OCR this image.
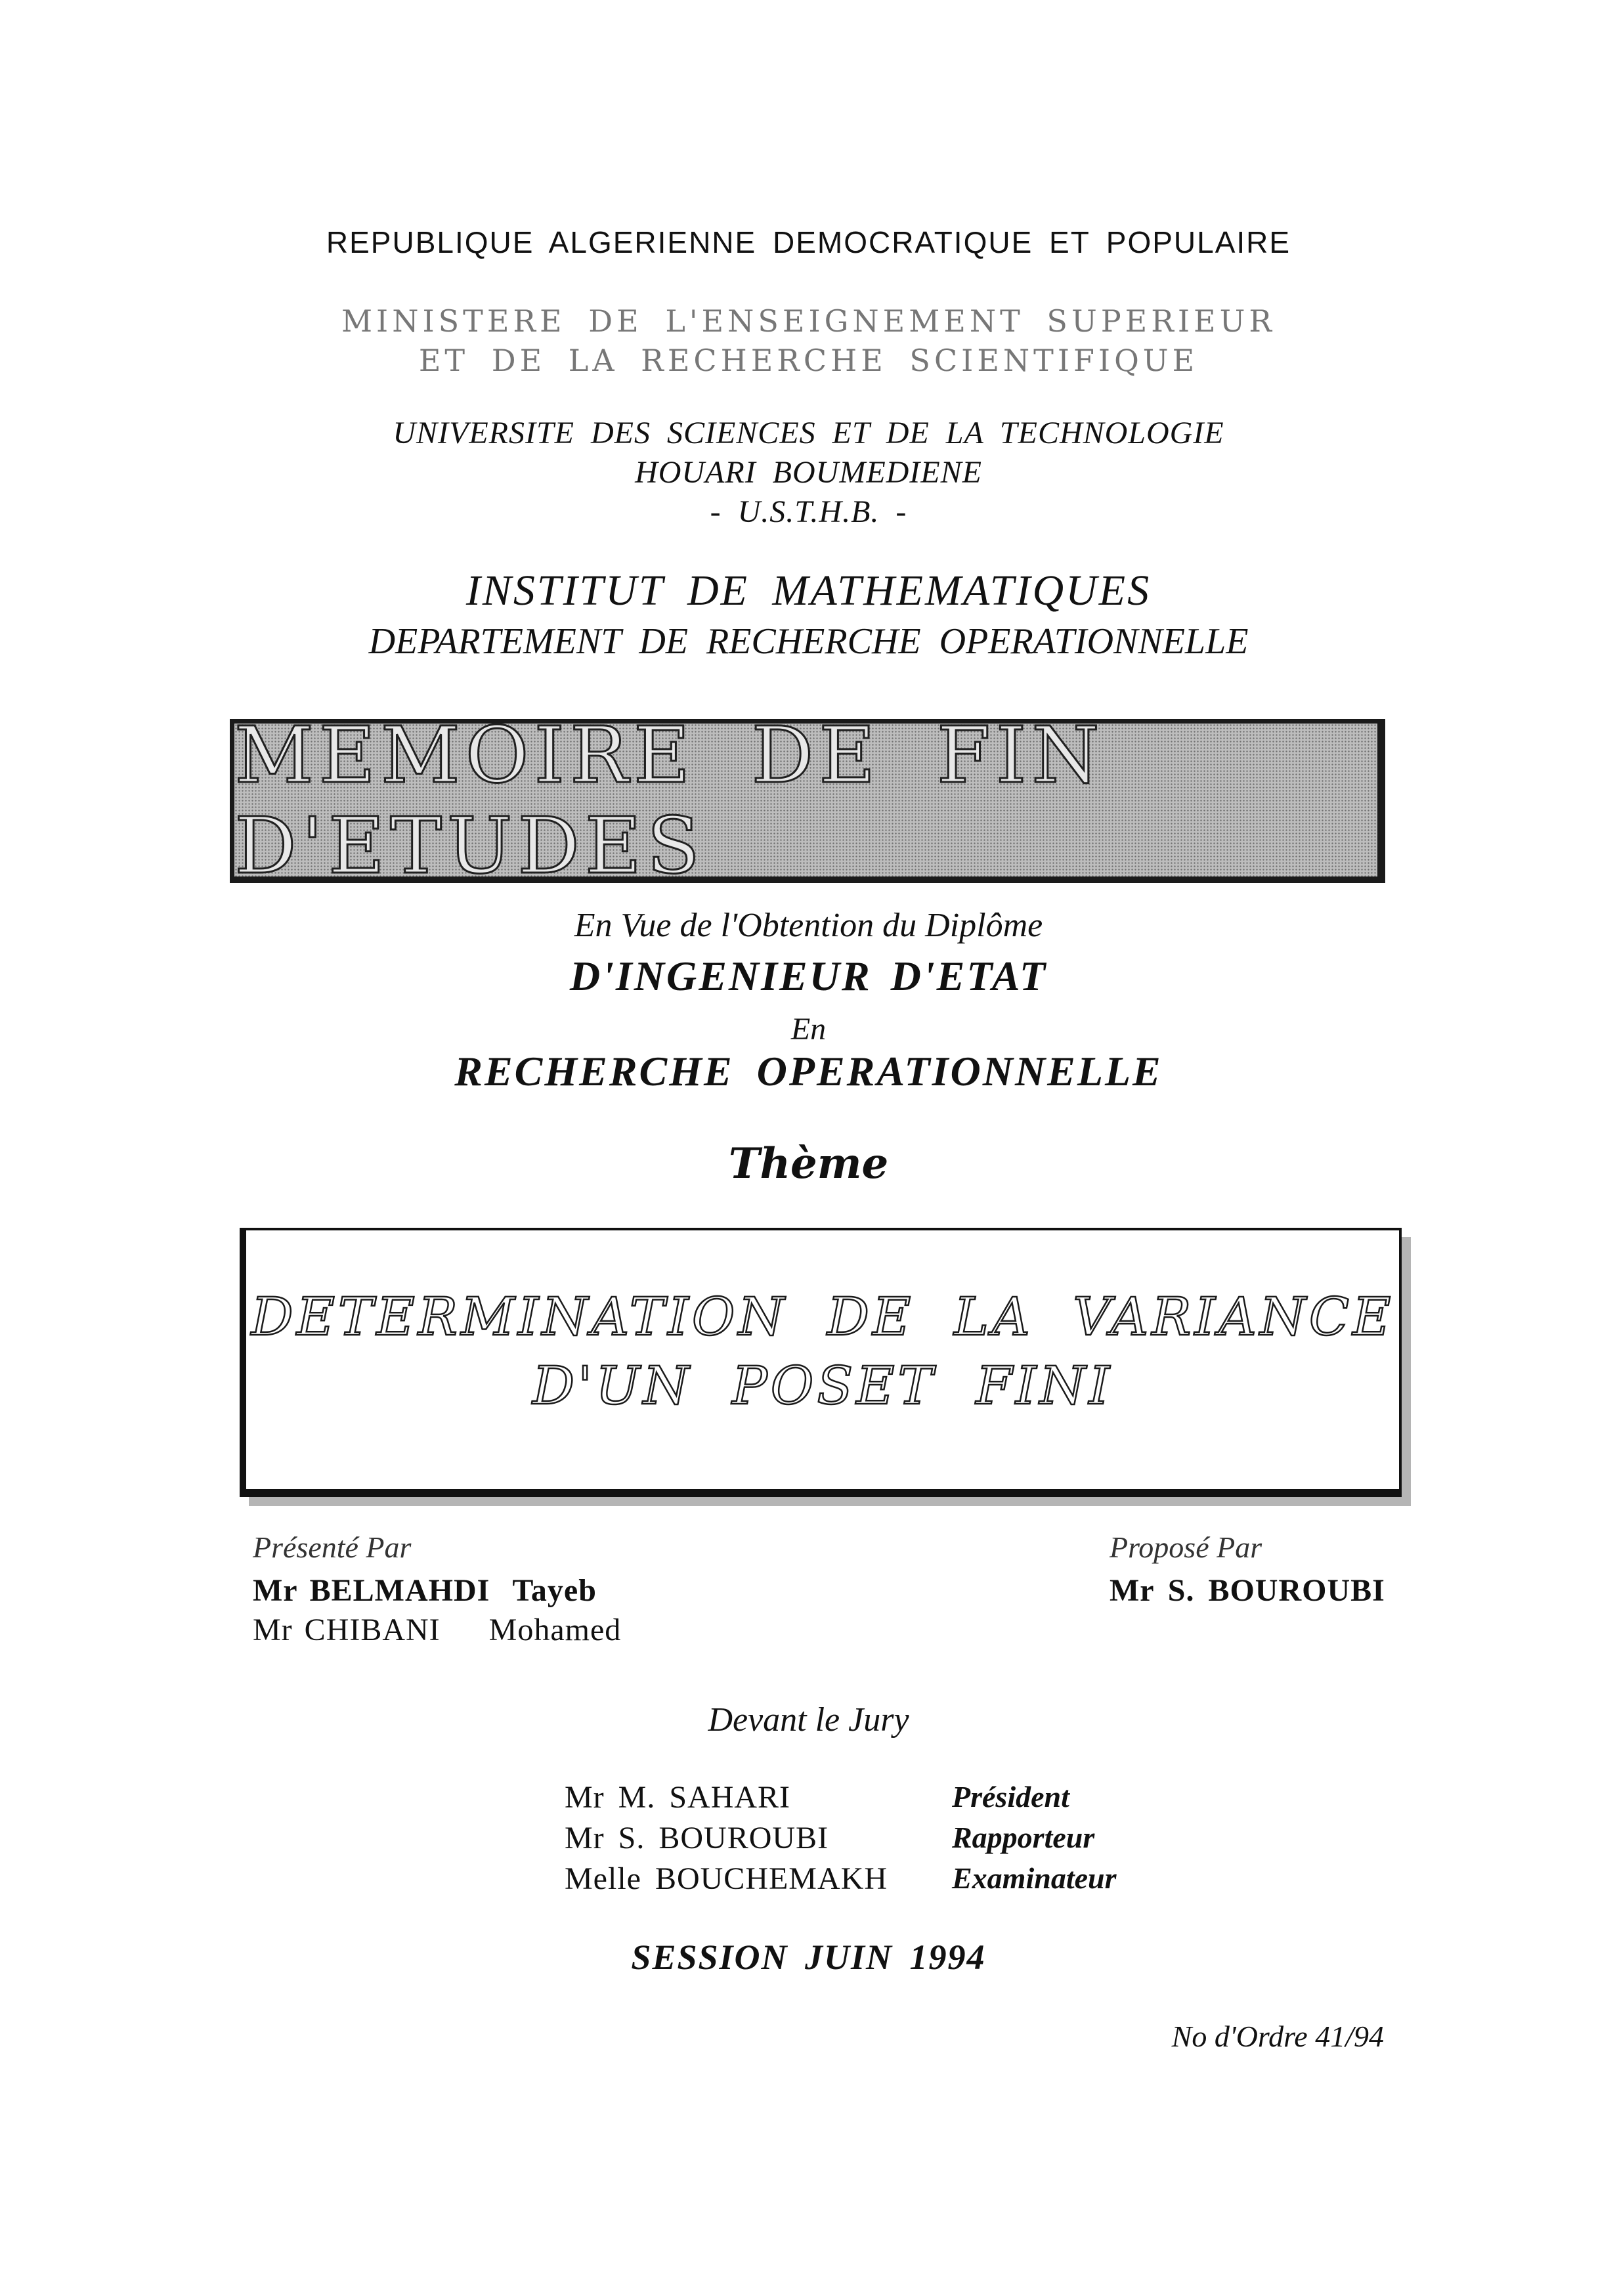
REPUBLIQUE ALGERIENNE DEMOCRATIQUE ET POPULAIRE
MINISTERE DE L'ENSEIGNEMENT SUPERIEUR
ET DE LA RECHERCHE SCIENTIFIQUE
UNIVERSITE DES SCIENCES ET DE LA TECHNOLOGIE
HOUARI BOUMEDIENE
- U.S.T.H.B. -
INSTITUT DE MATHEMATIQUES
DEPARTEMENT DE RECHERCHE OPERATIONNELLE
MEMOIRE DE FIN D'ETUDES
En Vue de l'Obtention du Diplôme
D'INGENIEUR D'ETAT
En
RECHERCHE OPERATIONNELLE
Thème
DETERMINATION DE LA VARIANCE
D'UN POSET FINI
Présenté Par
Mr BELMAHDI Tayeb
Mr CHIBANI Mohamed
Proposé Par
Mr S. BOUROUBI
Devant le Jury
Mr M. SAHARI	Président
Mr S. BOUROUBI	Rapporteur
Melle BOUCHEMAKH Examinateur
SESSION JUIN 1994
No d'Ordre 41/94
